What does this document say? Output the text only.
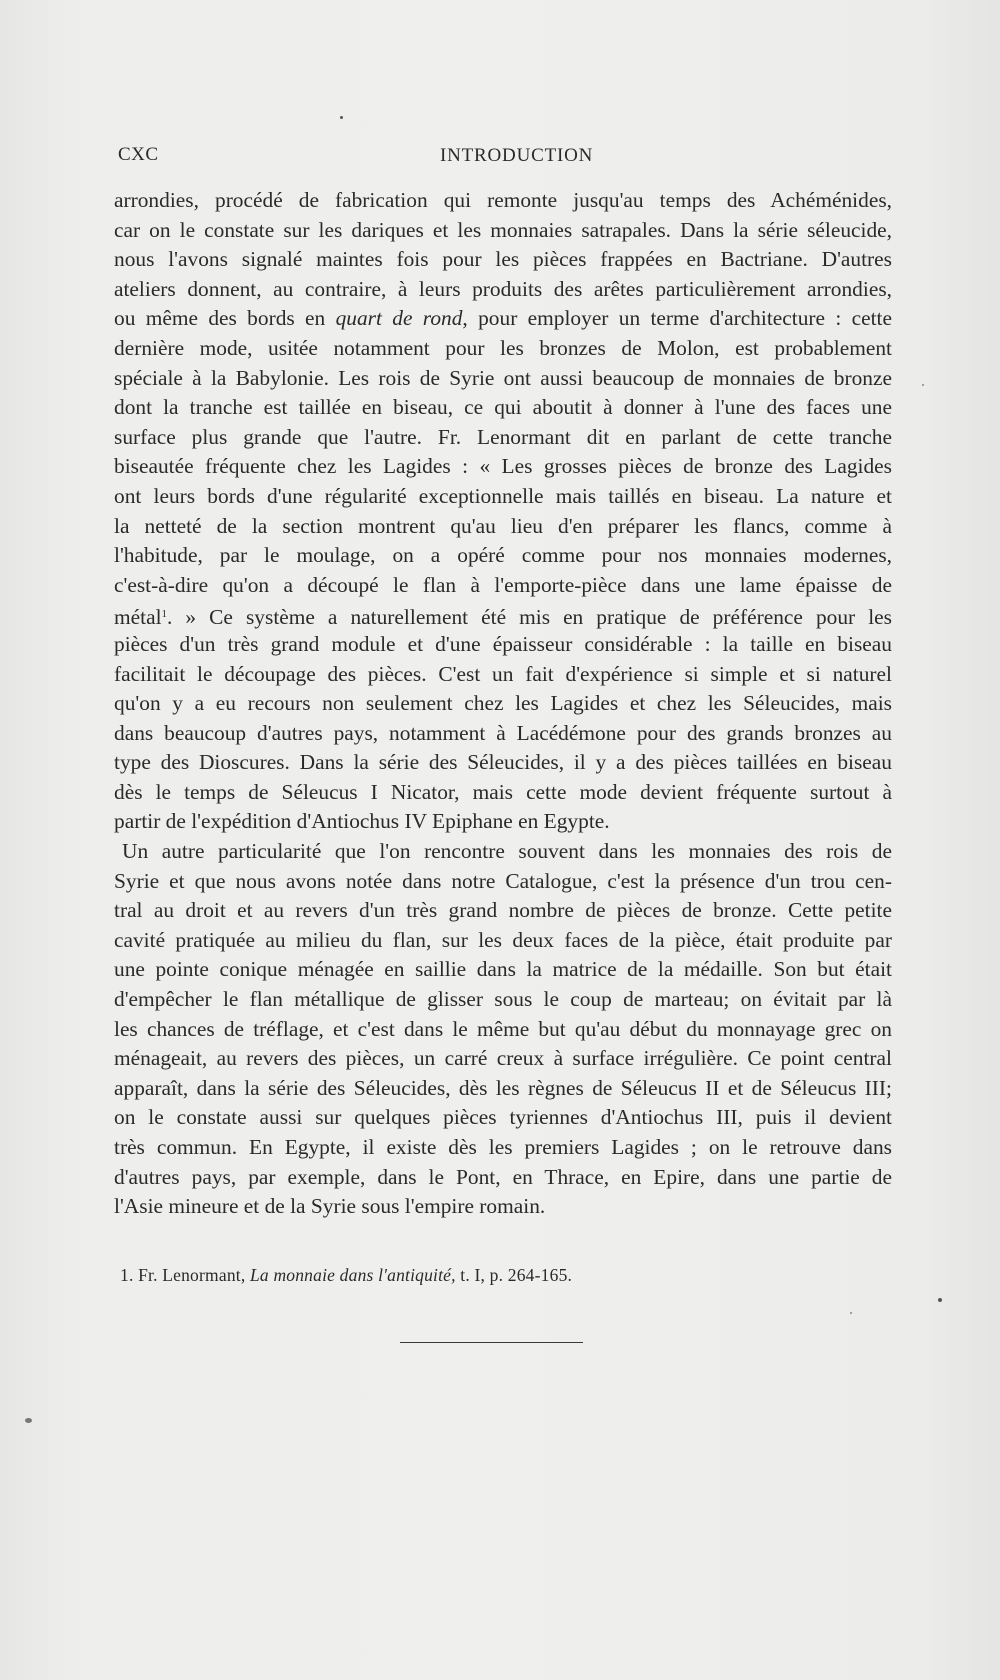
CXC	INTRODUCTION
arrondies, procédé de fabrication qui remonte jusqu'au temps des Achéménides,
car on le constate sur les dariques et les monnaies satrapales. Dans la série séleucide,
nous l'avons signalé maintes fois pour les pièces frappées en Bactriane. D'autres
ateliers donnent, au contraire, à leurs produits des arêtes particulièrement arrondies,
ou même des bords en quart de rond, pour employer un terme d'architecture : cette
dernière mode, usitée notamment pour les bronzes de Molon, est probablement
spéciale à la Babylonie. Les rois de Syrie ont aussi beaucoup de monnaies de bronze
dont la tranche est taillée en biseau, ce qui aboutit à donner à l'une des faces une
surface plus grande que l'autre. Fr. Lenormant dit en parlant de cette tranche
biseautée fréquente chez les Lagides : « Les grosses pièces de bronze des Lagides
ont leurs bords d'une régularité exceptionnelle mais taillés en biseau. La nature et
la netteté de la section montrent qu'au lieu d'en préparer les flancs, comme à
l'habitude, par le moulage, on a opéré comme pour nos monnaies modernes,
c'est-à-dire qu'on a découpé le flan à l'emporte-pièce dans une lame épaisse de
métal$^1$. » Ce système a naturellement été mis en pratique de préférence pour les
pièces d'un très grand module et d'une épaisseur considérable : la taille en biseau
facilitait le découpage des pièces. C'est un fait d'expérience si simple et si naturel
qu'on y a eu recours non seulement chez les Lagides et chez les Séleucides, mais
dans beaucoup d'autres pays, notamment à Lacédémone pour des grands bronzes au
type des Dioscures. Dans la série des Séleucides, il y a des pièces taillées en biseau
dès le temps de Séleucus I Nicator, mais cette mode devient fréquente surtout à
partir de l'expédition d'Antiochus IV Epiphane en Egypte.
Un autre particularité que l'on rencontre souvent dans les monnaies des rois de
Syrie et que nous avons notée dans notre Catalogue, c'est la présence d'un trou cen-
tral au droit et au revers d'un très grand nombre de pièces de bronze. Cette petite
cavité pratiquée au milieu du flan, sur les deux faces de la pièce, était produite par
une pointe conique ménagée en saillie dans la matrice de la médaille. Son but était
d'empêcher le flan métallique de glisser sous le coup de marteau; on évitait par là
les chances de tréflage, et c'est dans le même but qu'au début du monnayage grec on
ménageait, au revers des pièces, un carré creux à surface irrégulière. Ce point central
apparaît, dans la série des Séleucides, dès les règnes de Séleucus II et de Séleucus III;
on le constate aussi sur quelques pièces tyriennes d'Antiochus III, puis il devient
très commun. En Egypte, il existe dès les premiers Lagides ; on le retrouve dans
d'autres pays, par exemple, dans le Pont, en Thrace, en Epire, dans une partie de
l'Asie mineure et de la Syrie sous l'empire romain.
1. Fr. Lenormant, La monnaie dans l'antiquité, t. I, p. 264-165.
